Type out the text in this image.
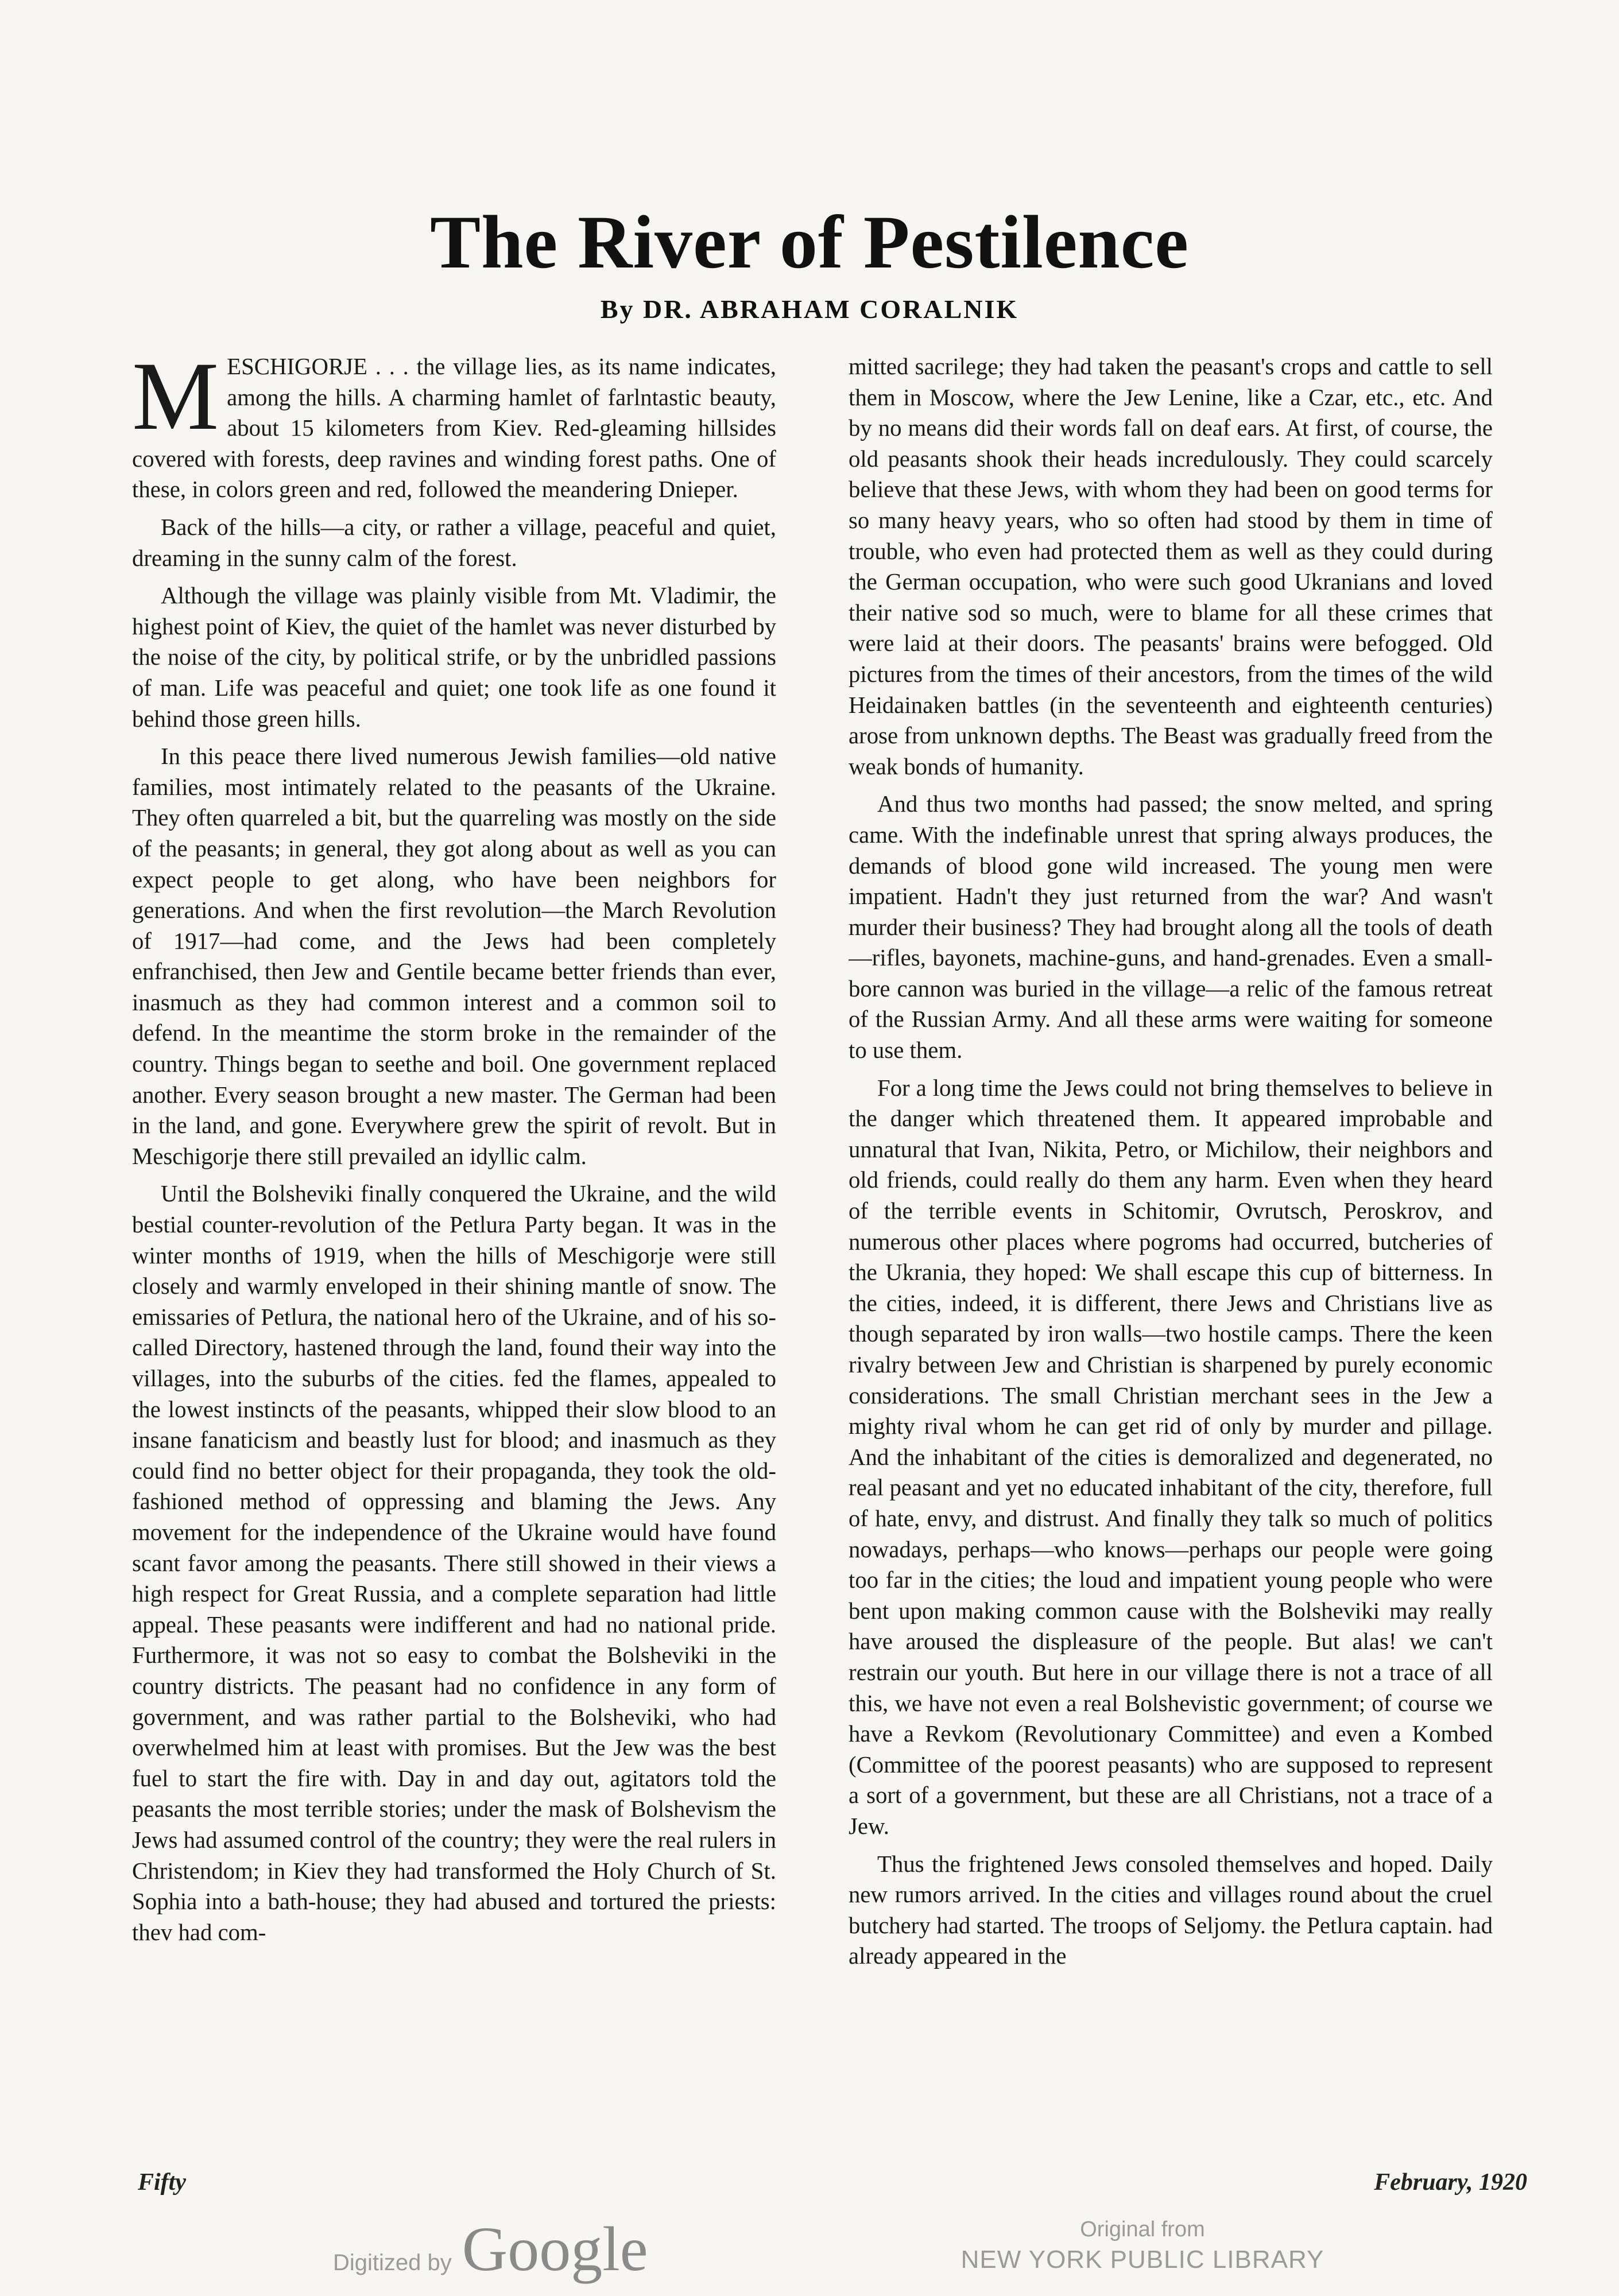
The River of Pestilence
By DR. ABRAHAM CORALNIK

MESCHIGORJE . . . the village lies, as its name indicates, among the hills. A charming hamlet of farlntastic beauty, about 15 kilometers from Kiev. Red-gleaming hillsides covered with forests, deep ravines and winding forest paths. One of these, in colors green and red, followed the meandering Dnieper.

Back of the hills—a city, or rather a village, peaceful and quiet, dreaming in the sunny calm of the forest.

Although the village was plainly visible from Mt. Vladimir, the highest point of Kiev, the quiet of the hamlet was never disturbed by the noise of the city, by political strife, or by the unbridled passions of man. Life was peaceful and quiet; one took life as one found it behind those green hills.

In this peace there lived numerous Jewish families—old native families, most intimately related to the peasants of the Ukraine. They often quarreled a bit, but the quarreling was mostly on the side of the peasants; in general, they got along about as well as you can expect people to get along, who have been neighbors for generations. And when the first revolution—the March Revolution of 1917—had come, and the Jews had been completely enfranchised, then Jew and Gentile became better friends than ever, inasmuch as they had common interest and a common soil to defend. In the meantime the storm broke in the remainder of the country. Things began to seethe and boil. One government replaced another. Every season brought a new master. The German had been in the land, and gone. Everywhere grew the spirit of revolt. But in Meschigorje there still prevailed an idyllic calm.

Until the Bolsheviki finally conquered the Ukraine, and the wild bestial counter-revolution of the Petlura Party began. It was in the winter months of 1919, when the hills of Meschigorje were still closely and warmly enveloped in their shining mantle of snow. The emissaries of Petlura, the national hero of the Ukraine, and of his so-called Directory, hastened through the land, found their way into the villages, into the suburbs of the cities. fed the flames, appealed to the lowest instincts of the peasants, whipped their slow blood to an insane fanaticism and beastly lust for blood; and inasmuch as they could find no better object for their propaganda, they took the old-fashioned method of oppressing and blaming the Jews. Any movement for the independence of the Ukraine would have found scant favor among the peasants. There still showed in their views a high respect for Great Russia, and a complete separation had little appeal. These peasants were indifferent and had no national pride. Furthermore, it was not so easy to combat the Bolsheviki in the country districts. The peasant had no confidence in any form of government, and was rather partial to the Bolsheviki, who had overwhelmed him at least with promises. But the Jew was the best fuel to start the fire with. Day in and day out, agitators told the peasants the most terrible stories; under the mask of Bolshevism the Jews had assumed control of the country; they were the real rulers in Christendom; in Kiev they had transformed the Holy Church of St. Sophia into a bath-house; they had abused and tortured the priests: thev had com-

mitted sacrilege; they had taken the peasant's crops and cattle to sell them in Moscow, where the Jew Lenine, like a Czar, etc., etc. And by no means did their words fall on deaf ears. At first, of course, the old peasants shook their heads incredulously. They could scarcely believe that these Jews, with whom they had been on good terms for so many heavy years, who so often had stood by them in time of trouble, who even had protected them as well as they could during the German occupation, who were such good Ukranians and loved their native sod so much, were to blame for all these crimes that were laid at their doors. The peasants' brains were befogged. Old pictures from the times of their ancestors, from the times of the wild Heidainaken battles (in the seventeenth and eighteenth centuries) arose from unknown depths. The Beast was gradually freed from the weak bonds of humanity.

And thus two months had passed; the snow melted, and spring came. With the indefinable unrest that spring always produces, the demands of blood gone wild increased. The young men were impatient. Hadn't they just returned from the war? And wasn't murder their business? They had brought along all the tools of death—rifles, bayonets, machine-guns, and hand-grenades. Even a small-bore cannon was buried in the village—a relic of the famous retreat of the Russian Army. And all these arms were waiting for someone to use them.

For a long time the Jews could not bring themselves to believe in the danger which threatened them. It appeared improbable and unnatural that Ivan, Nikita, Petro, or Michilow, their neighbors and old friends, could really do them any harm. Even when they heard of the terrible events in Schitomir, Ovrutsch, Peroskrov, and numerous other places where pogroms had occurred, butcheries of the Ukrania, they hoped: We shall escape this cup of bitterness. In the cities, indeed, it is different, there Jews and Christians live as though separated by iron walls—two hostile camps. There the keen rivalry between Jew and Christian is sharpened by purely economic considerations. The small Christian merchant sees in the Jew a mighty rival whom he can get rid of only by murder and pillage. And the inhabitant of the cities is demoralized and degenerated, no real peasant and yet no educated inhabitant of the city, therefore, full of hate, envy, and distrust. And finally they talk so much of politics nowadays, perhaps—who knows—perhaps our people were going too far in the cities; the loud and impatient young people who were bent upon making common cause with the Bolsheviki may really have aroused the displeasure of the people. But alas! we can't restrain our youth. But here in our village there is not a trace of all this, we have not even a real Bolshevistic government; of course we have a Revkom (Revolutionary Committee) and even a Kombed (Committee of the poorest peasants) who are supposed to represent a sort of a government, but these are all Christians, not a trace of a Jew.

Thus the frightened Jews consoled themselves and hoped. Daily new rumors arrived. In the cities and villages round about the cruel butchery had started. The troops of Seljomy. the Petlura captain. had already appeared in the

Fifty	February, 1920
Digitized by Google	Original from
NEW YORK PUBLIC LIBRARY
